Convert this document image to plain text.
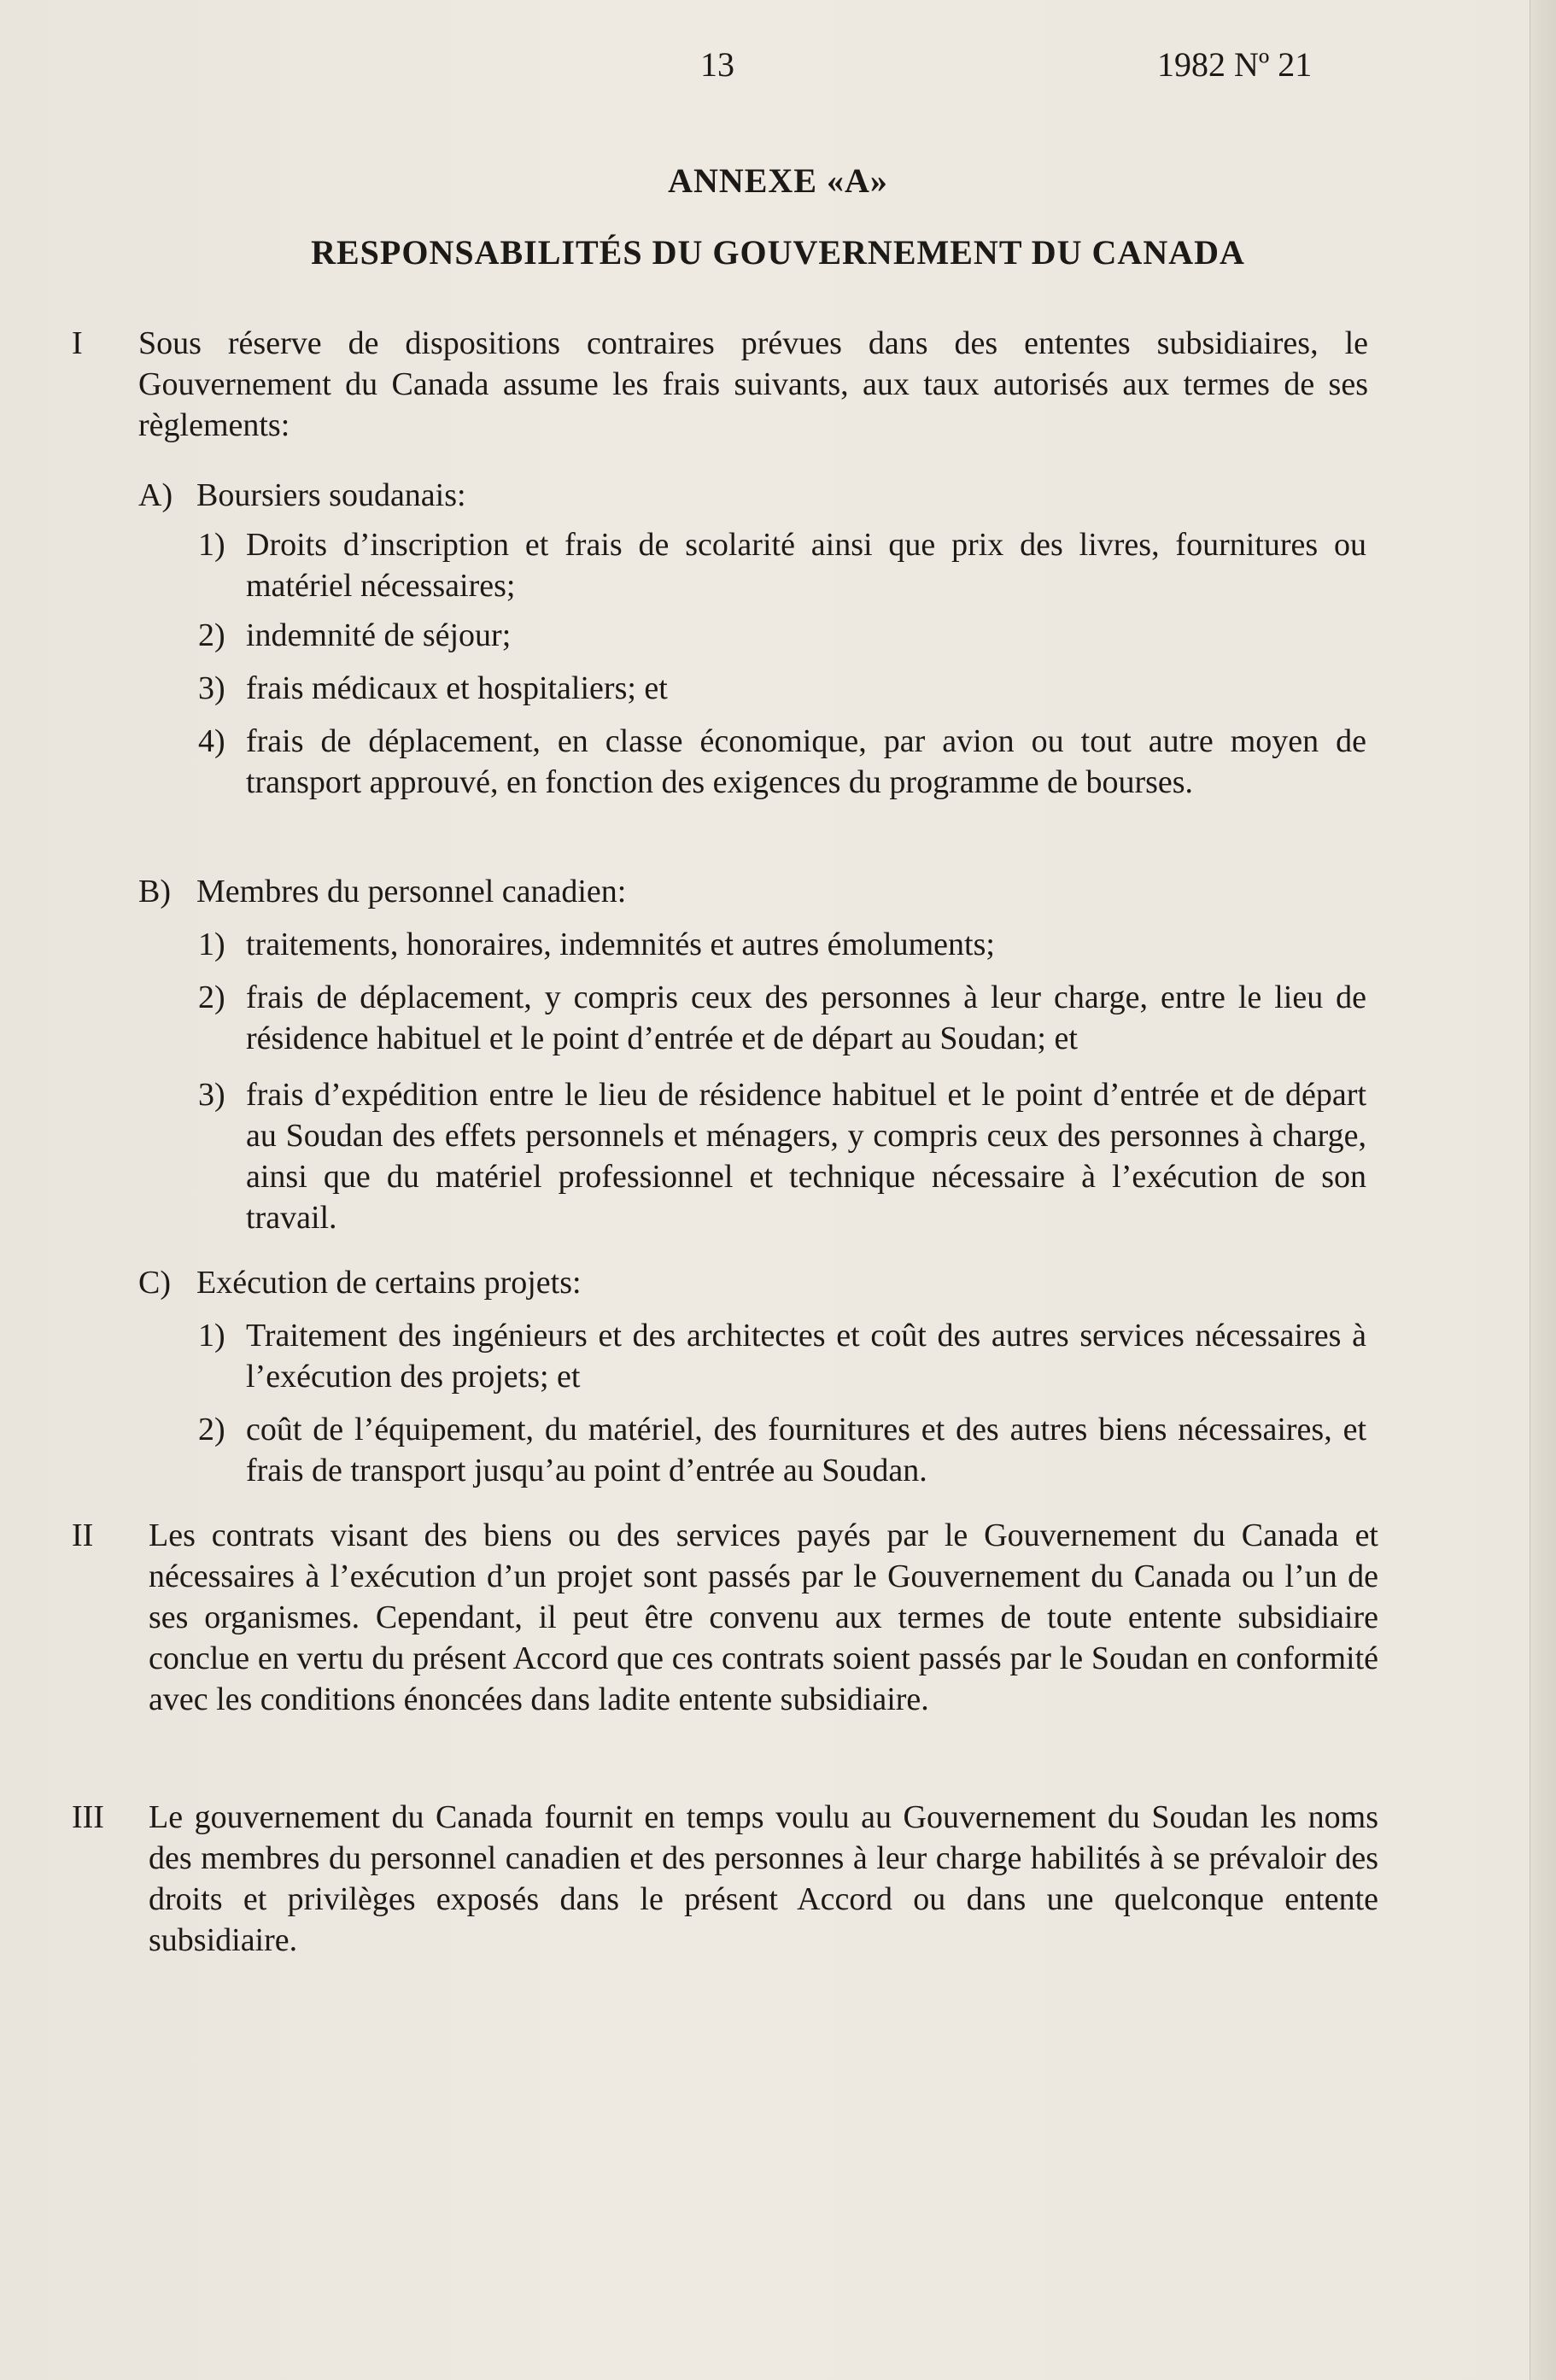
13	1982 Nº 21
ANNEXE «A»
RESPONSABILITÉS DU GOUVERNEMENT DU CANADA
I Sous réserve de dispositions contraires prévues dans des ententes subsidiaires, le Gouvernement du Canada assume les frais suivants, aux taux autorisés aux termes de ses règlements:
A) Boursiers soudanais:
1) Droits d’inscription et frais de scolarité ainsi que prix des livres, fournitures ou matériel nécessaires;
2) indemnité de séjour;
3) frais médicaux et hospitaliers; et
4) frais de déplacement, en classe économique, par avion ou tout autre moyen de transport approuvé, en fonction des exigences du programme de bourses.
B) Membres du personnel canadien:
1) traitements, honoraires, indemnités et autres émoluments;
2) frais de déplacement, y compris ceux des personnes à leur charge, entre le lieu de résidence habituel et le point d’entrée et de départ au Soudan; et
3) frais d’expédition entre le lieu de résidence habituel et le point d’entrée et de départ au Soudan des effets personnels et ménagers, y compris ceux des personnes à charge, ainsi que du matériel professionnel et technique nécessaire à l’exécution de son travail.
C) Exécution de certains projets:
1) Traitement des ingénieurs et des architectes et coût des autres services nécessaires à l’exécution des projets; et
2) coût de l’équipement, du matériel, des fournitures et des autres biens nécessaires, et frais de transport jusqu’au point d’entrée au Soudan.
II Les contrats visant des biens ou des services payés par le Gouvernement du Canada et nécessaires à l’exécution d’un projet sont passés par le Gouvernement du Canada ou l’un de ses organismes. Cependant, il peut être convenu aux termes de toute entente subsidiaire conclue en vertu du présent Accord que ces contrats soient passés par le Soudan en conformité avec les conditions énoncées dans ladite entente subsidiaire.
III Le gouvernement du Canada fournit en temps voulu au Gouvernement du Soudan les noms des membres du personnel canadien et des personnes à leur charge habilités à se prévaloir des droits et privilèges exposés dans le présent Accord ou dans une quelconque entente subsidiaire.
